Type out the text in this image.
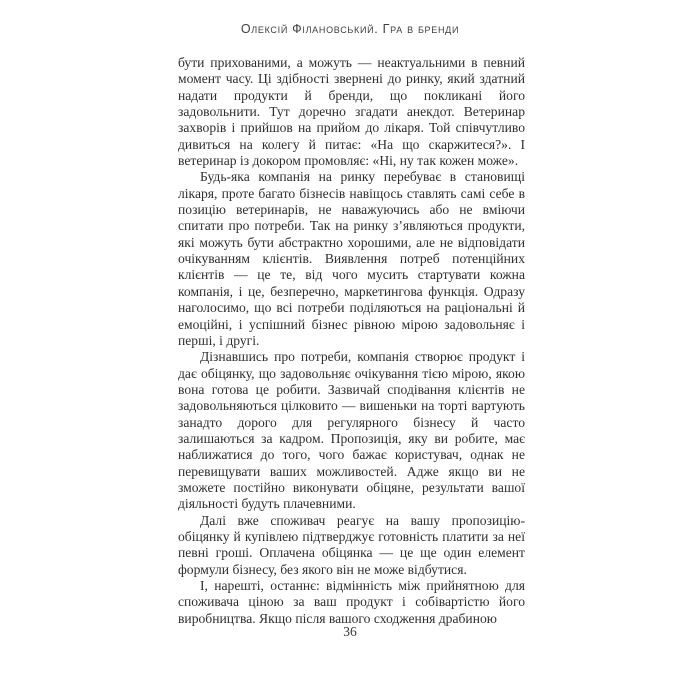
Олексій Філановський. Гра в бренди

бути прихованими, а можуть — неактуальними в певний момент часу. Ці здібності звернені до ринку, який здатний надати продукти й бренди, що покликані його задовольнити. Тут доречно згадати анекдот. Ветеринар захворів і прийшов на прийом до лікаря. Той співчутливо дивиться на колегу й питає: «На що скаржитеся?». І ветеринар із докором промовляє: «Ні, ну так кожен може».

Будь-яка компанія на ринку перебуває в становищі лікаря, проте багато бізнесів навіщось ставлять самі себе в позицію ветеринарів, не наважуючись або не вміючи спитати про потреби. Так на ринку з’являються продукти, які можуть бути абстрактно хорошими, але не відповідати очікуванням клієнтів. Виявлення потреб потенційних клієнтів — це те, від чого мусить стартувати кожна компанія, і це, безперечно, маркетингова функція. Одразу наголосимо, що всі потреби поділяються на раціональні й емоційні, і успішний бізнес рівною мірою задовольняє і перші, і другі.

Дізнавшись про потреби, компанія створює продукт і дає обіцянку, що задовольняє очікування тією мірою, якою вона готова це робити. Зазвичай сподівання клієнтів не задовольняються цілковито — вишеньки на торті вартують занадто дорого для регулярного бізнесу й часто залишаються за кадром. Пропозиція, яку ви робите, має наближатися до того, чого бажає користувач, однак не перевищувати ваших можливостей. Адже якщо ви не зможете постійно виконувати обіцяне, результати вашої діяльності будуть плачевними.

Далі вже споживач реагує на вашу пропозицію-обіцянку й купівлею підтверджує готовність платити за неї певні гроші. Оплачена обіцянка — це ще один елемент формули бізнесу, без якого він не може відбутися.

І, нарешті, останнє: відмінність між прийнятною для споживача ціною за ваш продукт і собівартістю його виробництва. Якщо після вашого сходження драбиною

36
